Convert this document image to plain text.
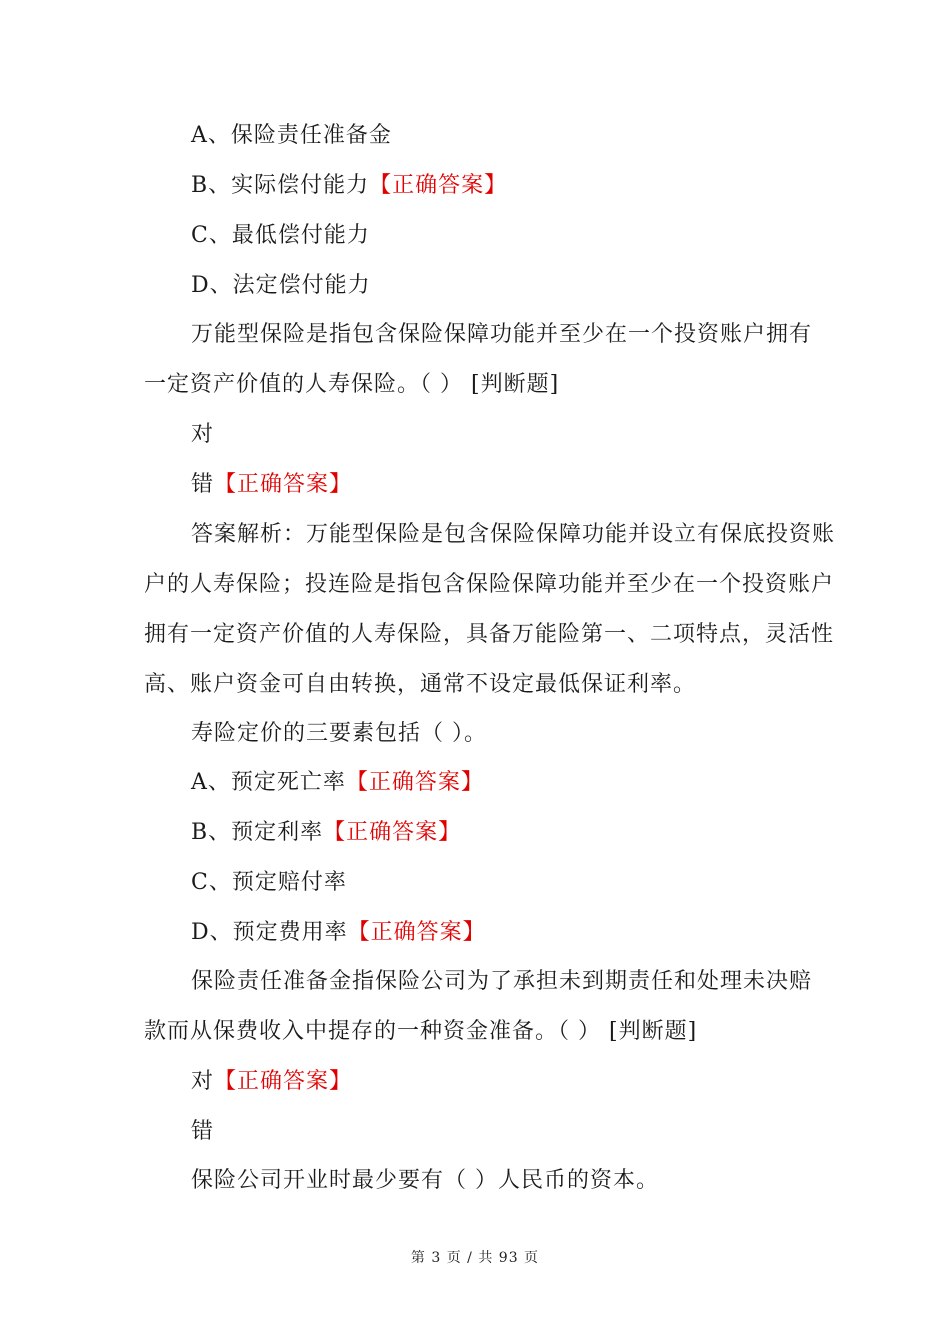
A、保险责任准备金
B、实际偿付能力【正确答案】
C、最低偿付能力
D、法定偿付能力
万能型保险是指包含保险保障功能并至少在一个投资账户拥有
一定资产价值的人寿保险。（ ） [判断题]
对
错【正确答案】
答案解析：万能型保险是包含保险保障功能并设立有保底投资账
户的人寿保险；投连险是指包含保险保障功能并至少在一个投资账户
拥有一定资产价值的人寿保险，具备万能险第一、二项特点，灵活性
高、账户资金可自由转换，通常不设定最低保证利率。
寿险定价的三要素包括（ ）。
A、预定死亡率【正确答案】
B、预定利率【正确答案】
C、预定赔付率
D、预定费用率【正确答案】
保险责任准备金指保险公司为了承担未到期责任和处理未决赔
款而从保费收入中提存的一种资金准备。（ ） [判断题]
对【正确答案】
错
保险公司开业时最少要有（ ）人民币的资本。
第 3 页 / 共 93 页
